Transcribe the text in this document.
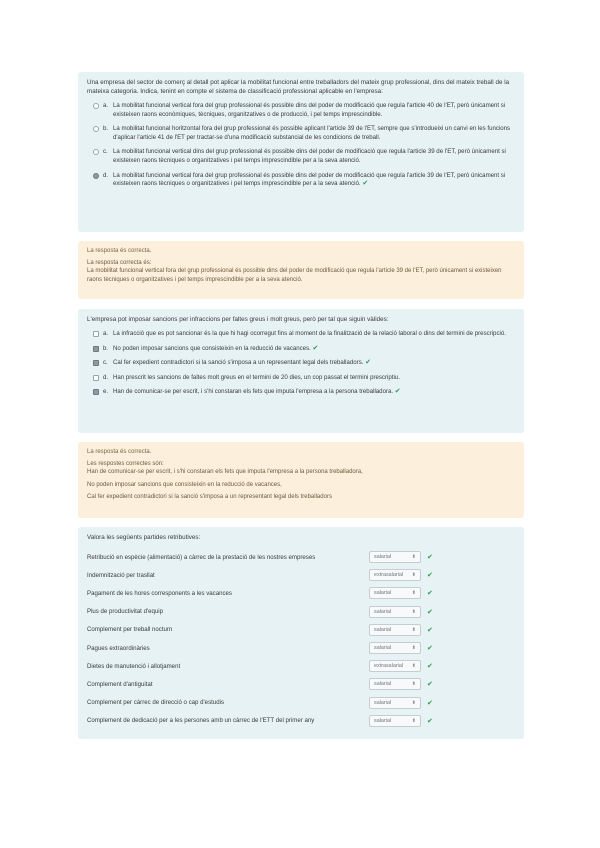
Una empresa del sector de comerç al detall pot aplicar la mobilitat funcional entre treballadors del mateix grup professional, dins del mateix treball de la mateixa categoria. Indica, tenint en compte el sistema de classificació professional aplicable en l'empresa:
a. La mobilitat funcional vertical fora del grup professional és possible dins del poder de modificació que regula l'article 40 de l'ET, però únicament si existeixen raons econòmiques, tècniques, organitzatives o de producció, i pel temps imprescindible.
b. La mobilitat funcional horitzontal fora del grup professional és possible aplicant l'article 39 de l'ET, sempre que s'introdueixi un canvi en les funcions d'aplicar l'article 41 de l'ET per tractar-se d'una modificació substancial de les condicions de treball.
c. La mobilitat funcional vertical dins del grup professional és possible dins del poder de modificació que regula l'article 39 de l'ET, però únicament si existeixen raons tècniques o organitzatives i pel temps imprescindible per a la seva atenció.
d. La mobilitat funcional vertical fora del grup professional és possible dins del poder de modificació que regula l'article 39 de l'ET, però únicament si existeixen raons tècniques o organitzatives i pel temps imprescindible per a la seva atenció. ✔
La resposta és correcta.
La resposta correcta és:
La mobilitat funcional vertical fora del grup professional és possible dins del poder de modificació que regula l'article 39 de l'ET, però únicament si existeixen raons tècniques o organitzatives i pel temps imprescindible per a la seva atenció.
L'empresa pot imposar sancions per infraccions per faltes greus i molt greus, però per tal que siguin vàlides:
a. La infracció que es pot sancionar és la que hi hagi ocorregut fins al moment de la finalització de la relació laboral o dins del termini de prescripció.
b. No poden imposar sancions que consisteixin en la reducció de vacances. ✔
c. Cal fer expedient contradictori si la sanció s'imposa a un representant legal dels treballadors. ✔
d. Han prescrit les sancions de faltes molt greus en el termini de 20 dies, un cop passat el termini prescriptiu.
e. Han de comunicar-se per escrit, i s'hi constaran els fets que imputa l'empresa a la persona treballadora. ✔
La resposta és correcta.
Les respostes correctes són:
Han de comunicar-se per escrit, i s'hi constaran els fets que imputa l'empresa a la persona treballadora,
No poden imposar sancions que consisteixin en la reducció de vacances,
Cal fer expedient contradictori si la sanció s'imposa a un representant legal dels treballadors
Valora les següents partides retributives:
Retribució en espècie (alimentació) a càrrec de la prestació de les nostres empreses	salarial	⬍ ✔
Indemnització per trasllat	extrasalarial ⬍ ✔
Pagament de les hores corresponents a les vacances	salarial	⬍ ✔
Plus de productivitat d'equip	salarial	⬍ ✔
Complement per treball nocturn	salarial	⬍ ✔
Pagues extraordinàries	salarial	⬍ ✔
Dietes de manutenció i allotjament	extrasalarial ⬍ ✔
Complement d'antiguitat	salarial	⬍ ✔
Complement per càrrec de direcció o cap d'estudis	salarial	⬍ ✔
Complement de dedicació per a les persones amb un càrrec de l'ETT del primer any	salarial	⬍ ✔
